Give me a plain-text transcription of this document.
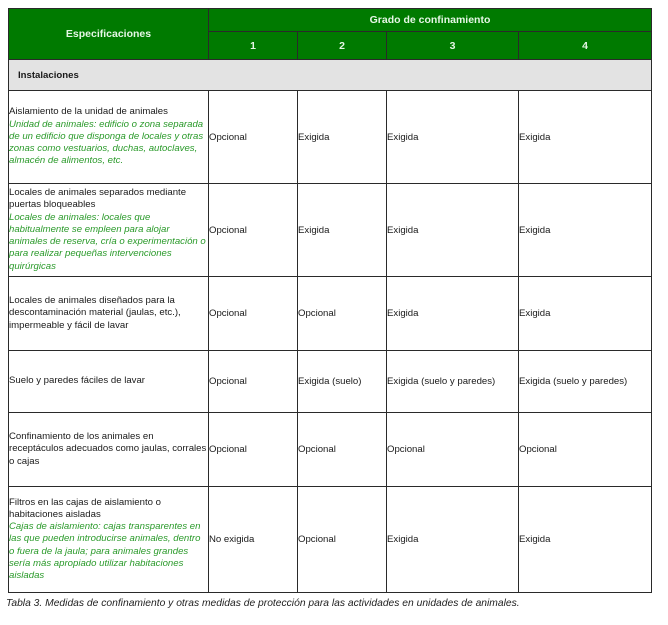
Especificaciones	Grado de confinamiento			
	1	2	3	4
Instalaciones				

Aislamiento de la unidad de animales
Unidad de animales: edificio o zona separada de un edificio que disponga de locales y otras zonas como vestuarios, duchas, autoclaves, almacén de alimentos, etc.	Opcional	Exigida	Exigida	Exigida

Locales de animales separados mediante puertas bloqueables
Locales de animales: locales que habitualmente se empleen para alojar animales de reserva, cría o experimentación o para realizar pequeñas intervenciones quirúrgicas	Opcional	Exigida	Exigida	Exigida

Locales de animales diseñados para la descontaminación material (jaulas, etc.), impermeable y fácil de lavar	Opcional	Opcional	Exigida	Exigida

Suelo y paredes fáciles de lavar	Opcional	Exigida (suelo)	Exigida (suelo y paredes)	Exigida (suelo y paredes)

Confinamiento de los animales en receptáculos adecuados como jaulas, corrales o cajas	Opcional	Opcional	Opcional	Opcional

Filtros en las cajas de aislamiento o habitaciones aisladas
Cajas de aislamiento: cajas transparentes en las que pueden introducirse animales, dentro o fuera de la jaula; para animales grandes sería más apropiado utilizar habitaciones aisladas	No exigida	Opcional	Exigida	Exigida
Tabla 3. Medidas de confinamiento y otras medidas de protección para las actividades en unidades de animales.
